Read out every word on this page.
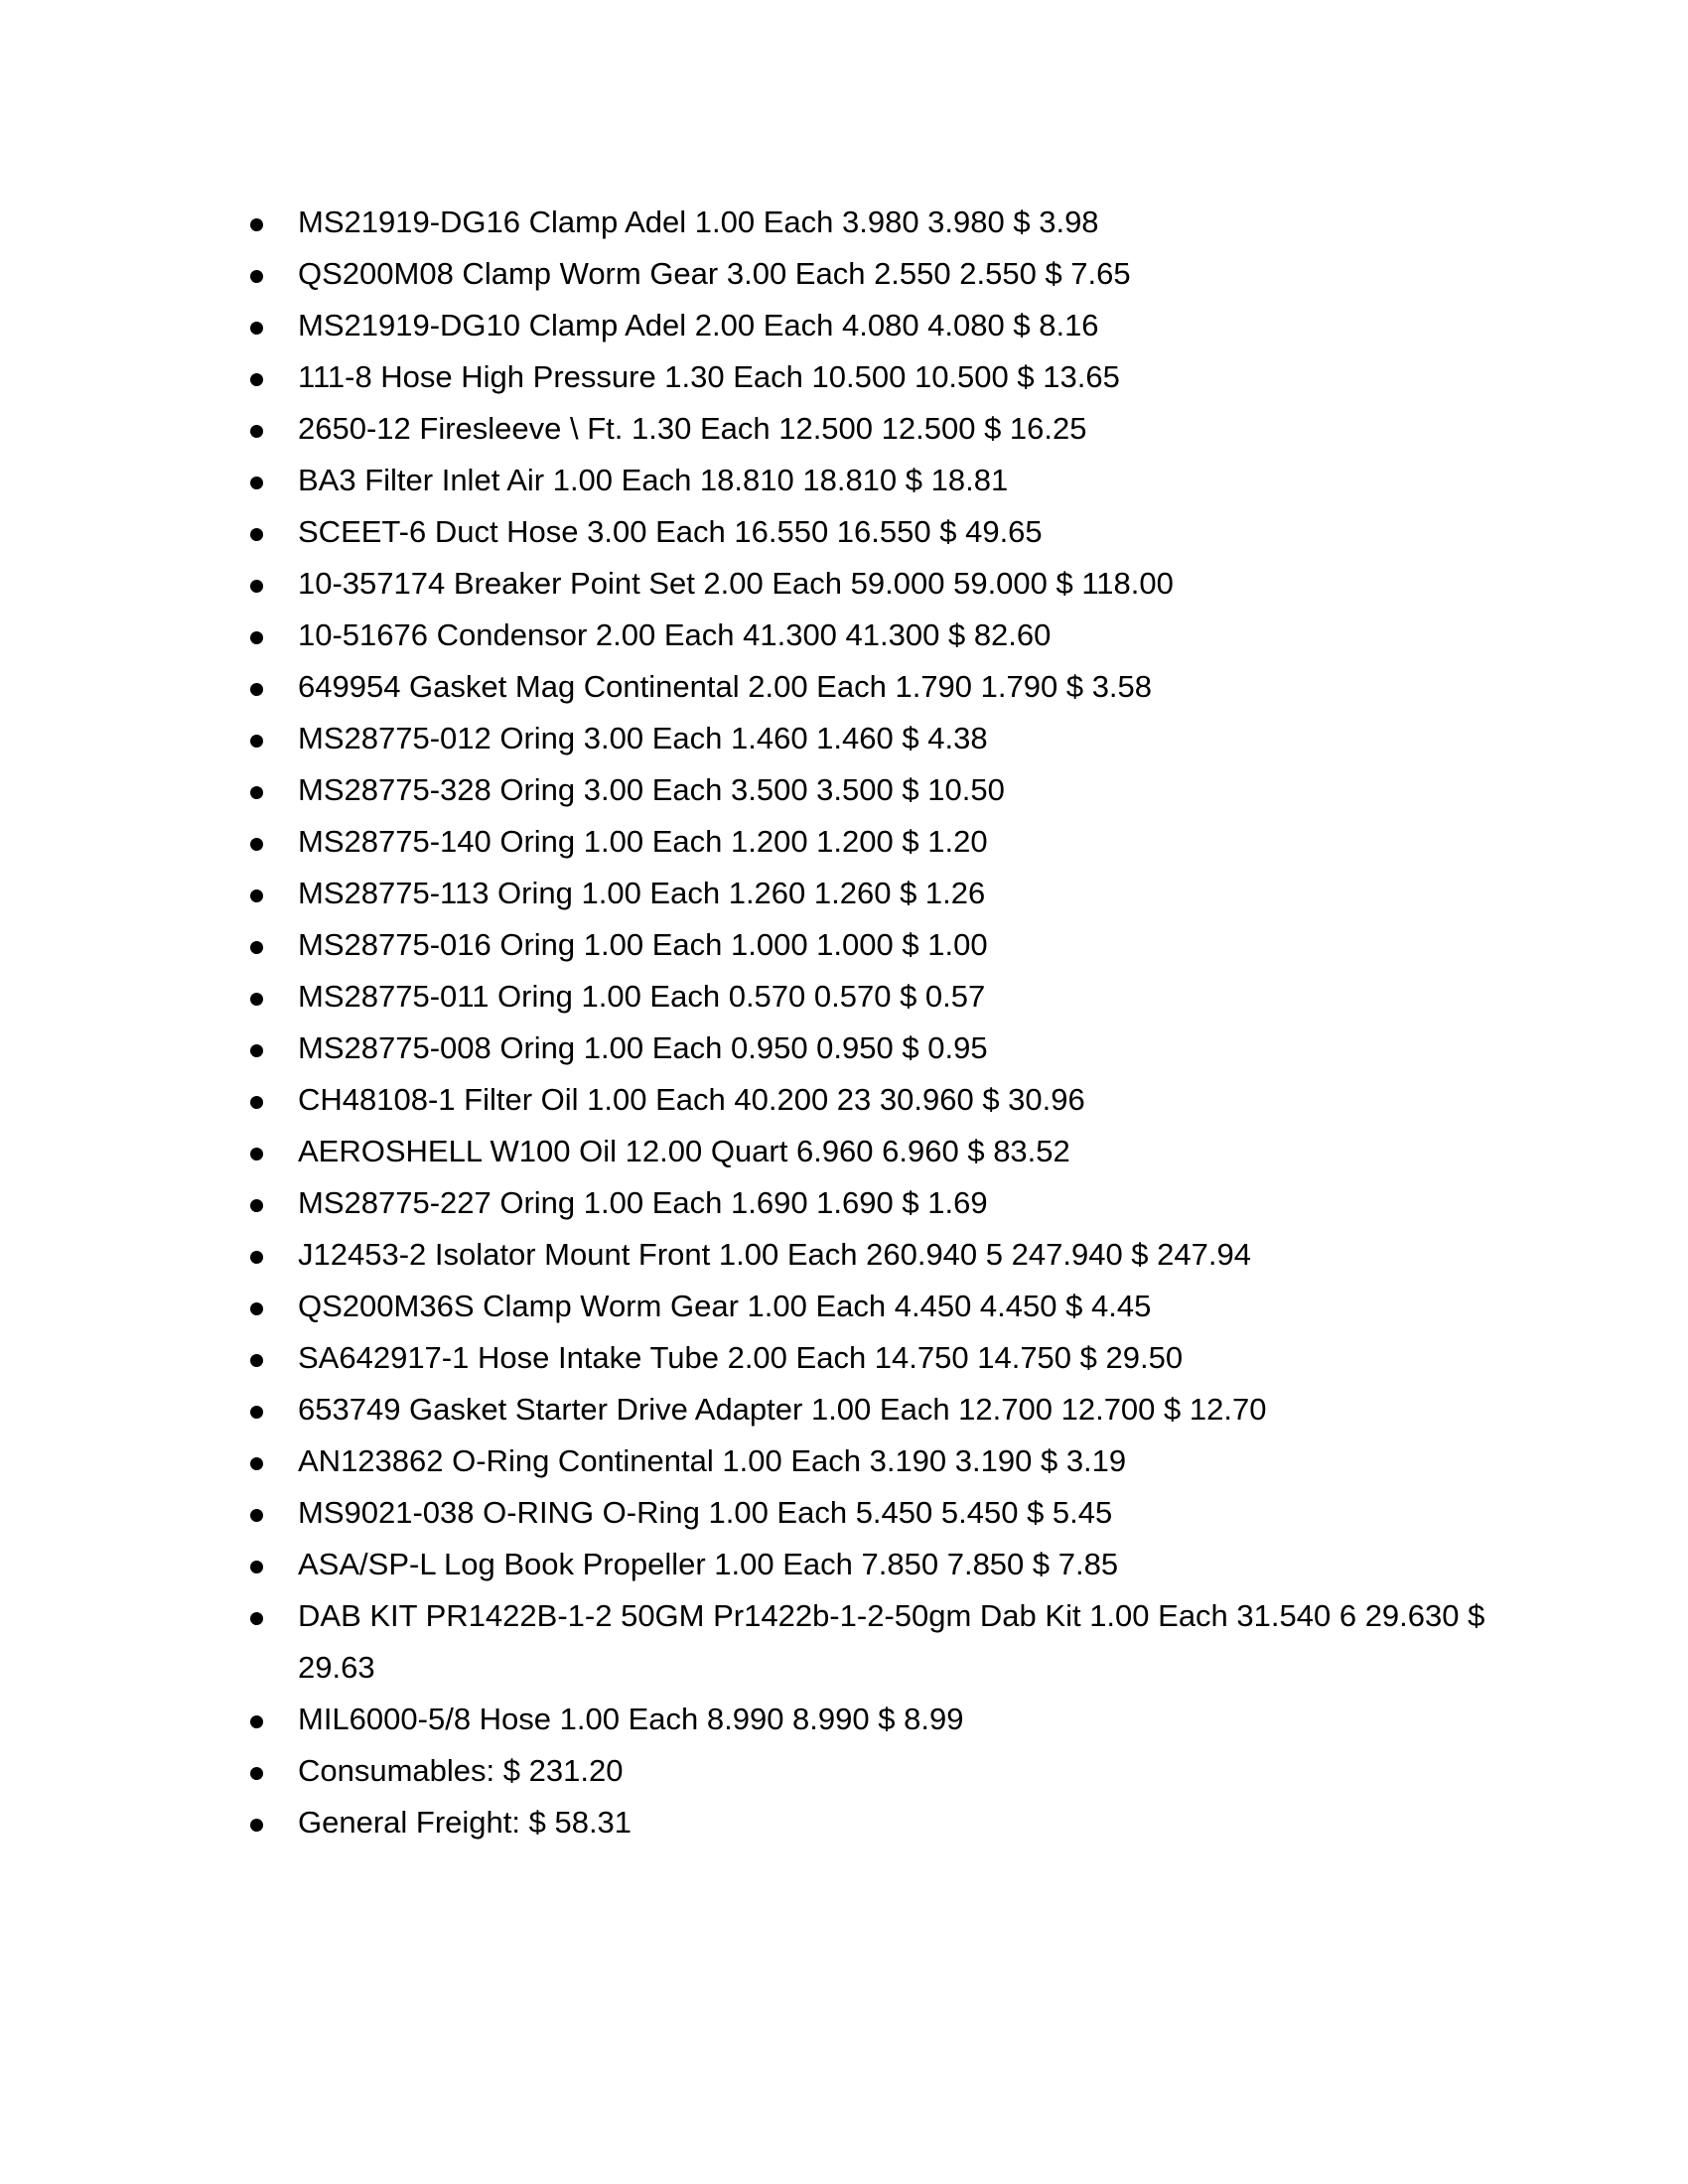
MS21919-DG16 Clamp Adel 1.00 Each 3.980 3.980 $ 3.98
QS200M08 Clamp Worm Gear 3.00 Each 2.550 2.550 $ 7.65
MS21919-DG10 Clamp Adel 2.00 Each 4.080 4.080 $ 8.16
111-8 Hose High Pressure 1.30 Each 10.500 10.500 $ 13.65
2650-12 Firesleeve \ Ft. 1.30 Each 12.500 12.500 $ 16.25
BA3 Filter Inlet Air 1.00 Each 18.810 18.810 $ 18.81
SCEET-6 Duct Hose 3.00 Each 16.550 16.550 $ 49.65
10-357174 Breaker Point Set 2.00 Each 59.000 59.000 $ 118.00
10-51676 Condensor 2.00 Each 41.300 41.300 $ 82.60
649954 Gasket Mag Continental 2.00 Each 1.790 1.790 $ 3.58
MS28775-012 Oring 3.00 Each 1.460 1.460 $ 4.38
MS28775-328 Oring 3.00 Each 3.500 3.500 $ 10.50
MS28775-140 Oring 1.00 Each 1.200 1.200 $ 1.20
MS28775-113 Oring 1.00 Each 1.260 1.260 $ 1.26
MS28775-016 Oring 1.00 Each 1.000 1.000 $ 1.00
MS28775-011 Oring 1.00 Each 0.570 0.570 $ 0.57
MS28775-008 Oring 1.00 Each 0.950 0.950 $ 0.95
CH48108-1 Filter Oil 1.00 Each 40.200 23 30.960 $ 30.96
AEROSHELL W100 Oil 12.00 Quart 6.960 6.960 $ 83.52
MS28775-227 Oring 1.00 Each 1.690 1.690 $ 1.69
J12453-2 Isolator Mount Front 1.00 Each 260.940 5 247.940 $ 247.94
QS200M36S Clamp Worm Gear 1.00 Each 4.450 4.450 $ 4.45
SA642917-1 Hose Intake Tube 2.00 Each 14.750 14.750 $ 29.50
653749 Gasket Starter Drive Adapter 1.00 Each 12.700 12.700 $ 12.70
AN123862 O-Ring Continental 1.00 Each 3.190 3.190 $ 3.19
MS9021-038 O-RING O-Ring 1.00 Each 5.450 5.450 $ 5.45
ASA/SP-L Log Book Propeller 1.00 Each 7.850 7.850 $ 7.85
DAB KIT PR1422B-1-2 50GM Pr1422b-1-2-50gm Dab Kit 1.00 Each 31.540 6 29.630 $ 29.63
MIL6000-5/8 Hose 1.00 Each 8.990 8.990 $ 8.99
Consumables: $ 231.20
General Freight: $ 58.31
